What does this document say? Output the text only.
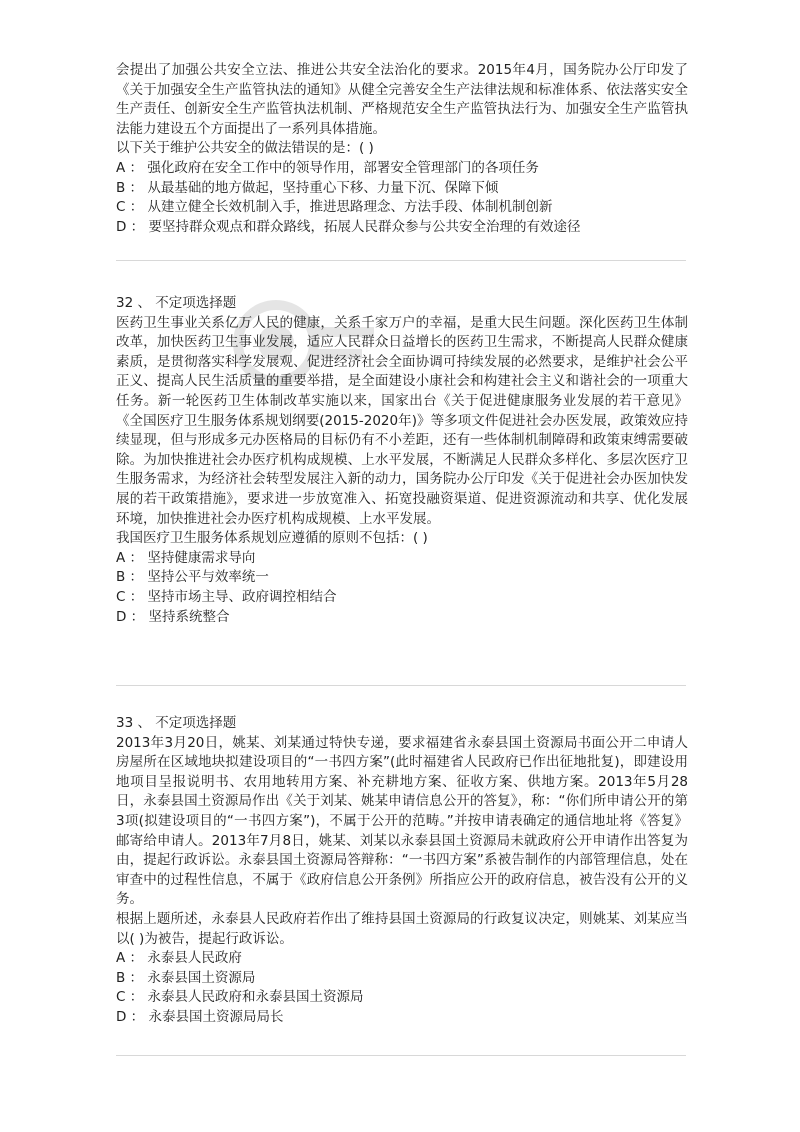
会提出了加强公共安全立法、推进公共安全法治化的要求。2015年4月，国务院办公厅印发了《关于加强安全生产监管执法的通知》从健全完善安全生产法律法规和标准体系、依法落实安全生产责任、创新安全生产监管执法机制、严格规范安全生产监管执法行为、加强安全生产监管执法能力建设五个方面提出了一系列具体措施。

以下关于维护公共安全的做法错误的是：( )

A ： 强化政府在安全工作中的领导作用，部署安全管理部门的各项任务

B ： 从最基础的地方做起，坚持重心下移、力量下沉、保障下倾

C ： 从建立健全长效机制入手，推进思路理念、方法手段、体制机制创新

D ： 要坚持群众观点和群众路线，拓展人民群众参与公共安全治理的有效途径

32 、 不定项选择题

医药卫生事业关系亿万人民的健康，关系千家万户的幸福，是重大民生问题。深化医药卫生体制改革，加快医药卫生事业发展，适应人民群众日益增长的医药卫生需求，不断提高人民群众健康素质，是贯彻落实科学发展观、促进经济社会全面协调可持续发展的必然要求，是维护社会公平正义、提高人民生活质量的重要举措，是全面建设小康社会和构建社会主义和谐社会的一项重大任务。新一轮医药卫生体制改革实施以来，国家出台《关于促进健康服务业发展的若干意见》《全国医疗卫生服务体系规划纲要(2015-2020年)》等多项文件促进社会办医发展，政策效应持续显现，但与形成多元办医格局的目标仍有不小差距，还有一些体制机制障碍和政策束缚需要破除。为加快推进社会办医疗机构成规模、上水平发展，不断满足人民群众多样化、多层次医疗卫生服务需求，为经济社会转型发展注入新的动力，国务院办公厅印发《关于促进社会办医加快发展的若干政策措施》，要求进一步放宽准入、拓宽投融资渠道、促进资源流动和共享、优化发展环境，加快推进社会办医疗机构成规模、上水平发展。

我国医疗卫生服务体系规划应遵循的原则不包括：( )

A ： 坚持健康需求导向

B ： 坚持公平与效率统一

C ： 坚持市场主导、政府调控相结合

D ： 坚持系统整合

33 、 不定项选择题

2013年3月20日，姚某、刘某通过特快专递，要求福建省永泰县国土资源局书面公开二申请人房屋所在区域地块拟建设项目的“一书四方案”(此时福建省人民政府已作出征地批复)，即建设用地项目呈报说明书、农用地转用方案、补充耕地方案、征收方案、供地方案。2013年5月28日，永泰县国土资源局作出《关于刘某、姚某申请信息公开的答复》，称：“你们所申请公开的第3项(拟建设项目的“一书四方案”)，不属于公开的范畴。”并按申请表确定的通信地址将《答复》邮寄给申请人。2013年7月8日，姚某、刘某以永泰县国土资源局未就政府公开申请作出答复为由，提起行政诉讼。永泰县国土资源局答辩称：“一书四方案”系被告制作的内部管理信息，处在审查中的过程性信息，不属于《政府信息公开条例》所指应公开的政府信息，被告没有公开的义务。

根据上题所述，永泰县人民政府若作出了维持县国土资源局的行政复议决定，则姚某、刘某应当以( )为被告，提起行政诉讼。

A ： 永泰县人民政府

B ： 永泰县国土资源局

C ： 永泰县人民政府和永泰县国土资源局

D ： 永泰县国土资源局局长
